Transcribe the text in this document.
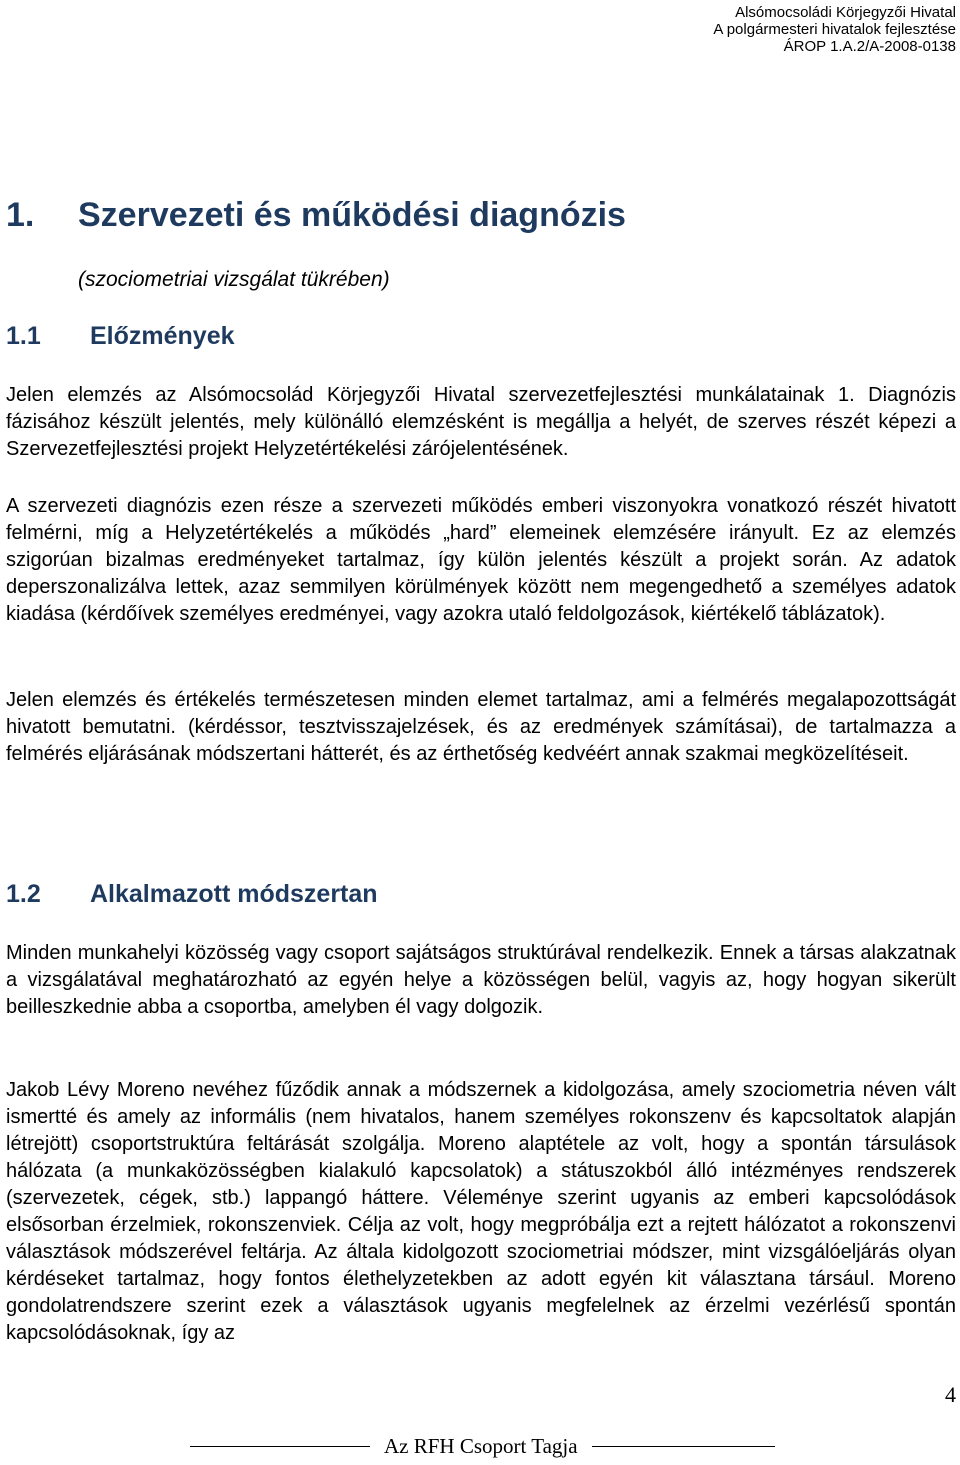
Alsómocsoládi Körjegyzői Hivatal
A polgármesteri hivatalok fejlesztése
ÁROP 1.A.2/A-2008-0138
1. Szervezeti és működési diagnózis
(szociometriai vizsgálat tükrében)
1.1 Előzmények

Jelen elemzés az Alsómocsolád Körjegyzői Hivatal szervezetfejlesztési munkálatainak 1. Diagnózis fázisához készült jelentés, mely különálló elemzésként is megállja a helyét, de szerves részét képezi a Szervezetfejlesztési projekt Helyzetértékelési zárójelentésének.

A szervezeti diagnózis ezen része a szervezeti működés emberi viszonyokra vonatkozó részét hivatott felmérni, míg a Helyzetértékelés a működés „hard” elemeinek elemzésére irányult. Ez az elemzés szigorúan bizalmas eredményeket tartalmaz, így külön jelentés készült a projekt során. Az adatok deperszonalizálva lettek, azaz semmilyen körülmények között nem megengedhető a személyes adatok kiadása (kérdőívek személyes eredményei, vagy azokra utaló feldolgozások, kiértékelő táblázatok).

Jelen elemzés és értékelés természetesen minden elemet tartalmaz, ami a felmérés megalapozottságát hivatott bemutatni. (kérdéssor, tesztvisszajelzések, és az eredmények számításai), de tartalmazza a felmérés eljárásának módszertani hátterét, és az érthetőség kedvéért annak szakmai megközelítéseit.

1.2 Alkalmazott módszertan

Minden munkahelyi közösség vagy csoport sajátságos struktúrával rendelkezik. Ennek a társas alakzatnak a vizsgálatával meghatározható az egyén helye a közösségen belül, vagyis az, hogy hogyan sikerült beilleszkednie abba a csoportba, amelyben él vagy dolgozik.

Jakob Lévy Moreno nevéhez fűződik annak a módszernek a kidolgozása, amely szociometria néven vált ismertté és amely az informális (nem hivatalos, hanem személyes rokonszenv és kapcsoltatok alapján létrejött) csoportstruktúra feltárását szolgálja. Moreno alaptétele az volt, hogy a spontán társulások hálózata (a munkaközösségben kialakuló kapcsolatok) a státuszokból álló intézményes rendszerek (szervezetek, cégek, stb.) lappangó háttere. Véleménye szerint ugyanis az emberi kapcsolódások elsősorban érzelmiek, rokonszenviek. Célja az volt, hogy megpróbálja ezt a rejtett hálózatot a rokonszenvi választások módszerével feltárja. Az általa kidolgozott szociometriai módszer, mint vizsgálóeljárás olyan kérdéseket tartalmaz, hogy fontos élethelyzetekben az adott egyén kit választana társául. Moreno gondolatrendszere szerint ezek a választások ugyanis megfelelnek az érzelmi vezérlésű spontán kapcsolódásoknak, így az

4
Az RFH Csoport Tagja
